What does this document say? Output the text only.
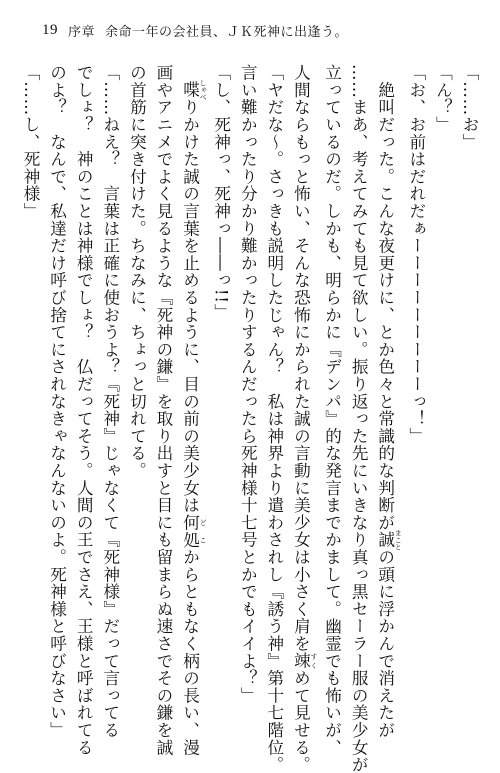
19 序章 余命一年の会社員、ＪＫ死神に出逢う。
「……お」
「ん？」
「お、お前はだれだぁーーーーーーーーーっ！」
　絶叫だった。こんな夜更けに、とか色々と常識的な判断が誠 まことの頭に浮かんで消えたが
……まあ、考えてみても見て欲しい。振り返った先にいきなり真っ黒セーラー服の美少女が
立っているのだ。しかも、明らかに『デンパ』的な発言までかまして。幽霊でも怖いが、
人間ならもっと怖い、そんな恐怖にかられた誠の言動に美少女は小さく肩を竦 すくめて見せる。
「ヤだな～。さっきも説明したじゃん？　私は神界より遣わされし『誘う神』第十七階位。
言い難かったり分かり難かったりするんだったら死神様十七号とかでもイイよ？」
「し、死神っ、死神っ――っ!!」
　喋 しゃべりかけた誠の言葉を止めるように、目の前の美少女は何処 どこからともなく柄の長い、漫
画やアニメでよく見るような『死神の鎌』を取り出すと目にも留まらぬ速さでその鎌を誠
の首筋に突き付けた。ちなみに、ちょっと切れてる。
「……ねえ？　言葉は正確に使おうよ？『死神』じゃなくて『死神様』だって言ってる
でしょ？　神のことは神様でしょ？　仏だってそう。人間の王でさえ、王様と呼ばれてる
のよ？　なんで、私達だけ呼び捨てにされなきゃなんないのよ。死神様と呼びなさい」
「……し、死神様」
